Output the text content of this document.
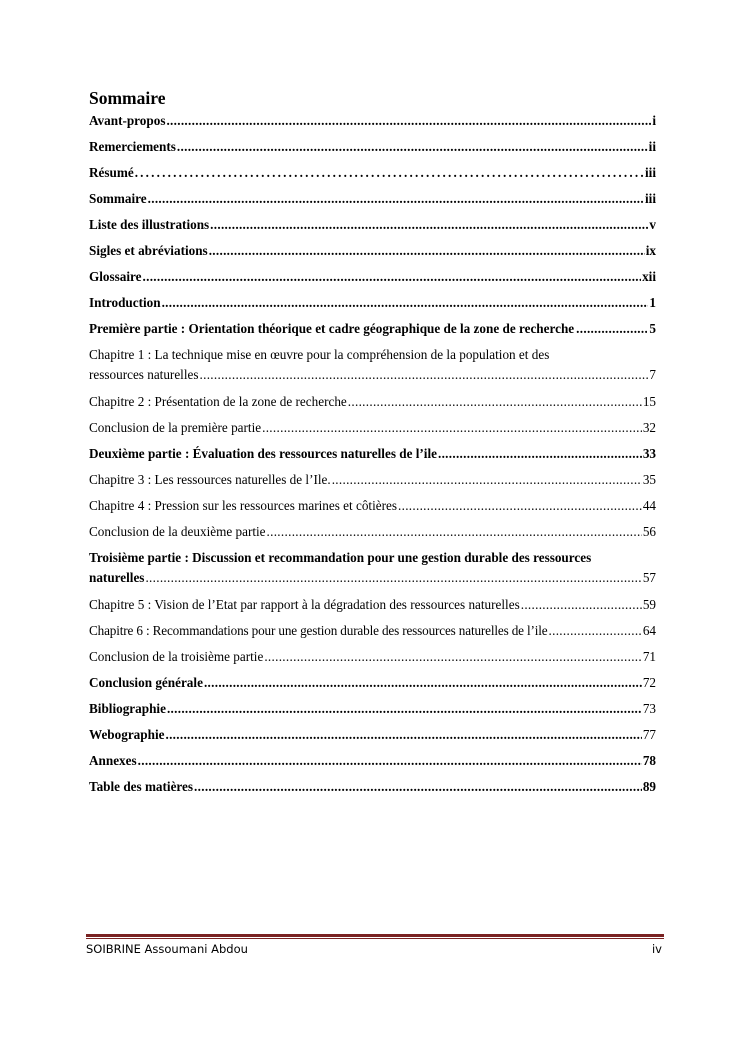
Sommaire
Avant-propos .....	i
Remerciements .....	ii
Résumé .....	iii
Sommaire .....	iii
Liste des illustrations .....	v
Sigles et abréviations .....	ix
Glossaire .....	xii
Introduction .....	1
Première partie : Orientation théorique et cadre géographique de la zone de recherche .....	5
Chapitre 1 : La technique mise en œuvre pour la compréhension de la population et des
ressources naturelles .....	7
Chapitre 2 : Présentation de la zone de recherche .....	15
Conclusion de la première partie .....	32
Deuxième partie : Évaluation des ressources naturelles de l’ile .....	33
Chapitre 3 : Les ressources naturelles de l’Ile. .....	35
Chapitre 4 : Pression sur les ressources marines et côtières .....	44
Conclusion de la deuxième partie .....	56
Troisième partie : Discussion et recommandation pour une gestion durable des ressources
naturelles .....	57
Chapitre 5 : Vision de l’Etat par rapport à la dégradation des ressources naturelles .....	59
Chapitre 6 : Recommandations pour une gestion durable des ressources naturelles de l’ile .....	64
Conclusion de la troisième partie .....	71
Conclusion générale .....	72
Bibliographie .....	73
Webographie .....	77
Annexes .....	78
Table des matières .....	89
SOIBRINE Assoumani Abdou	iv
